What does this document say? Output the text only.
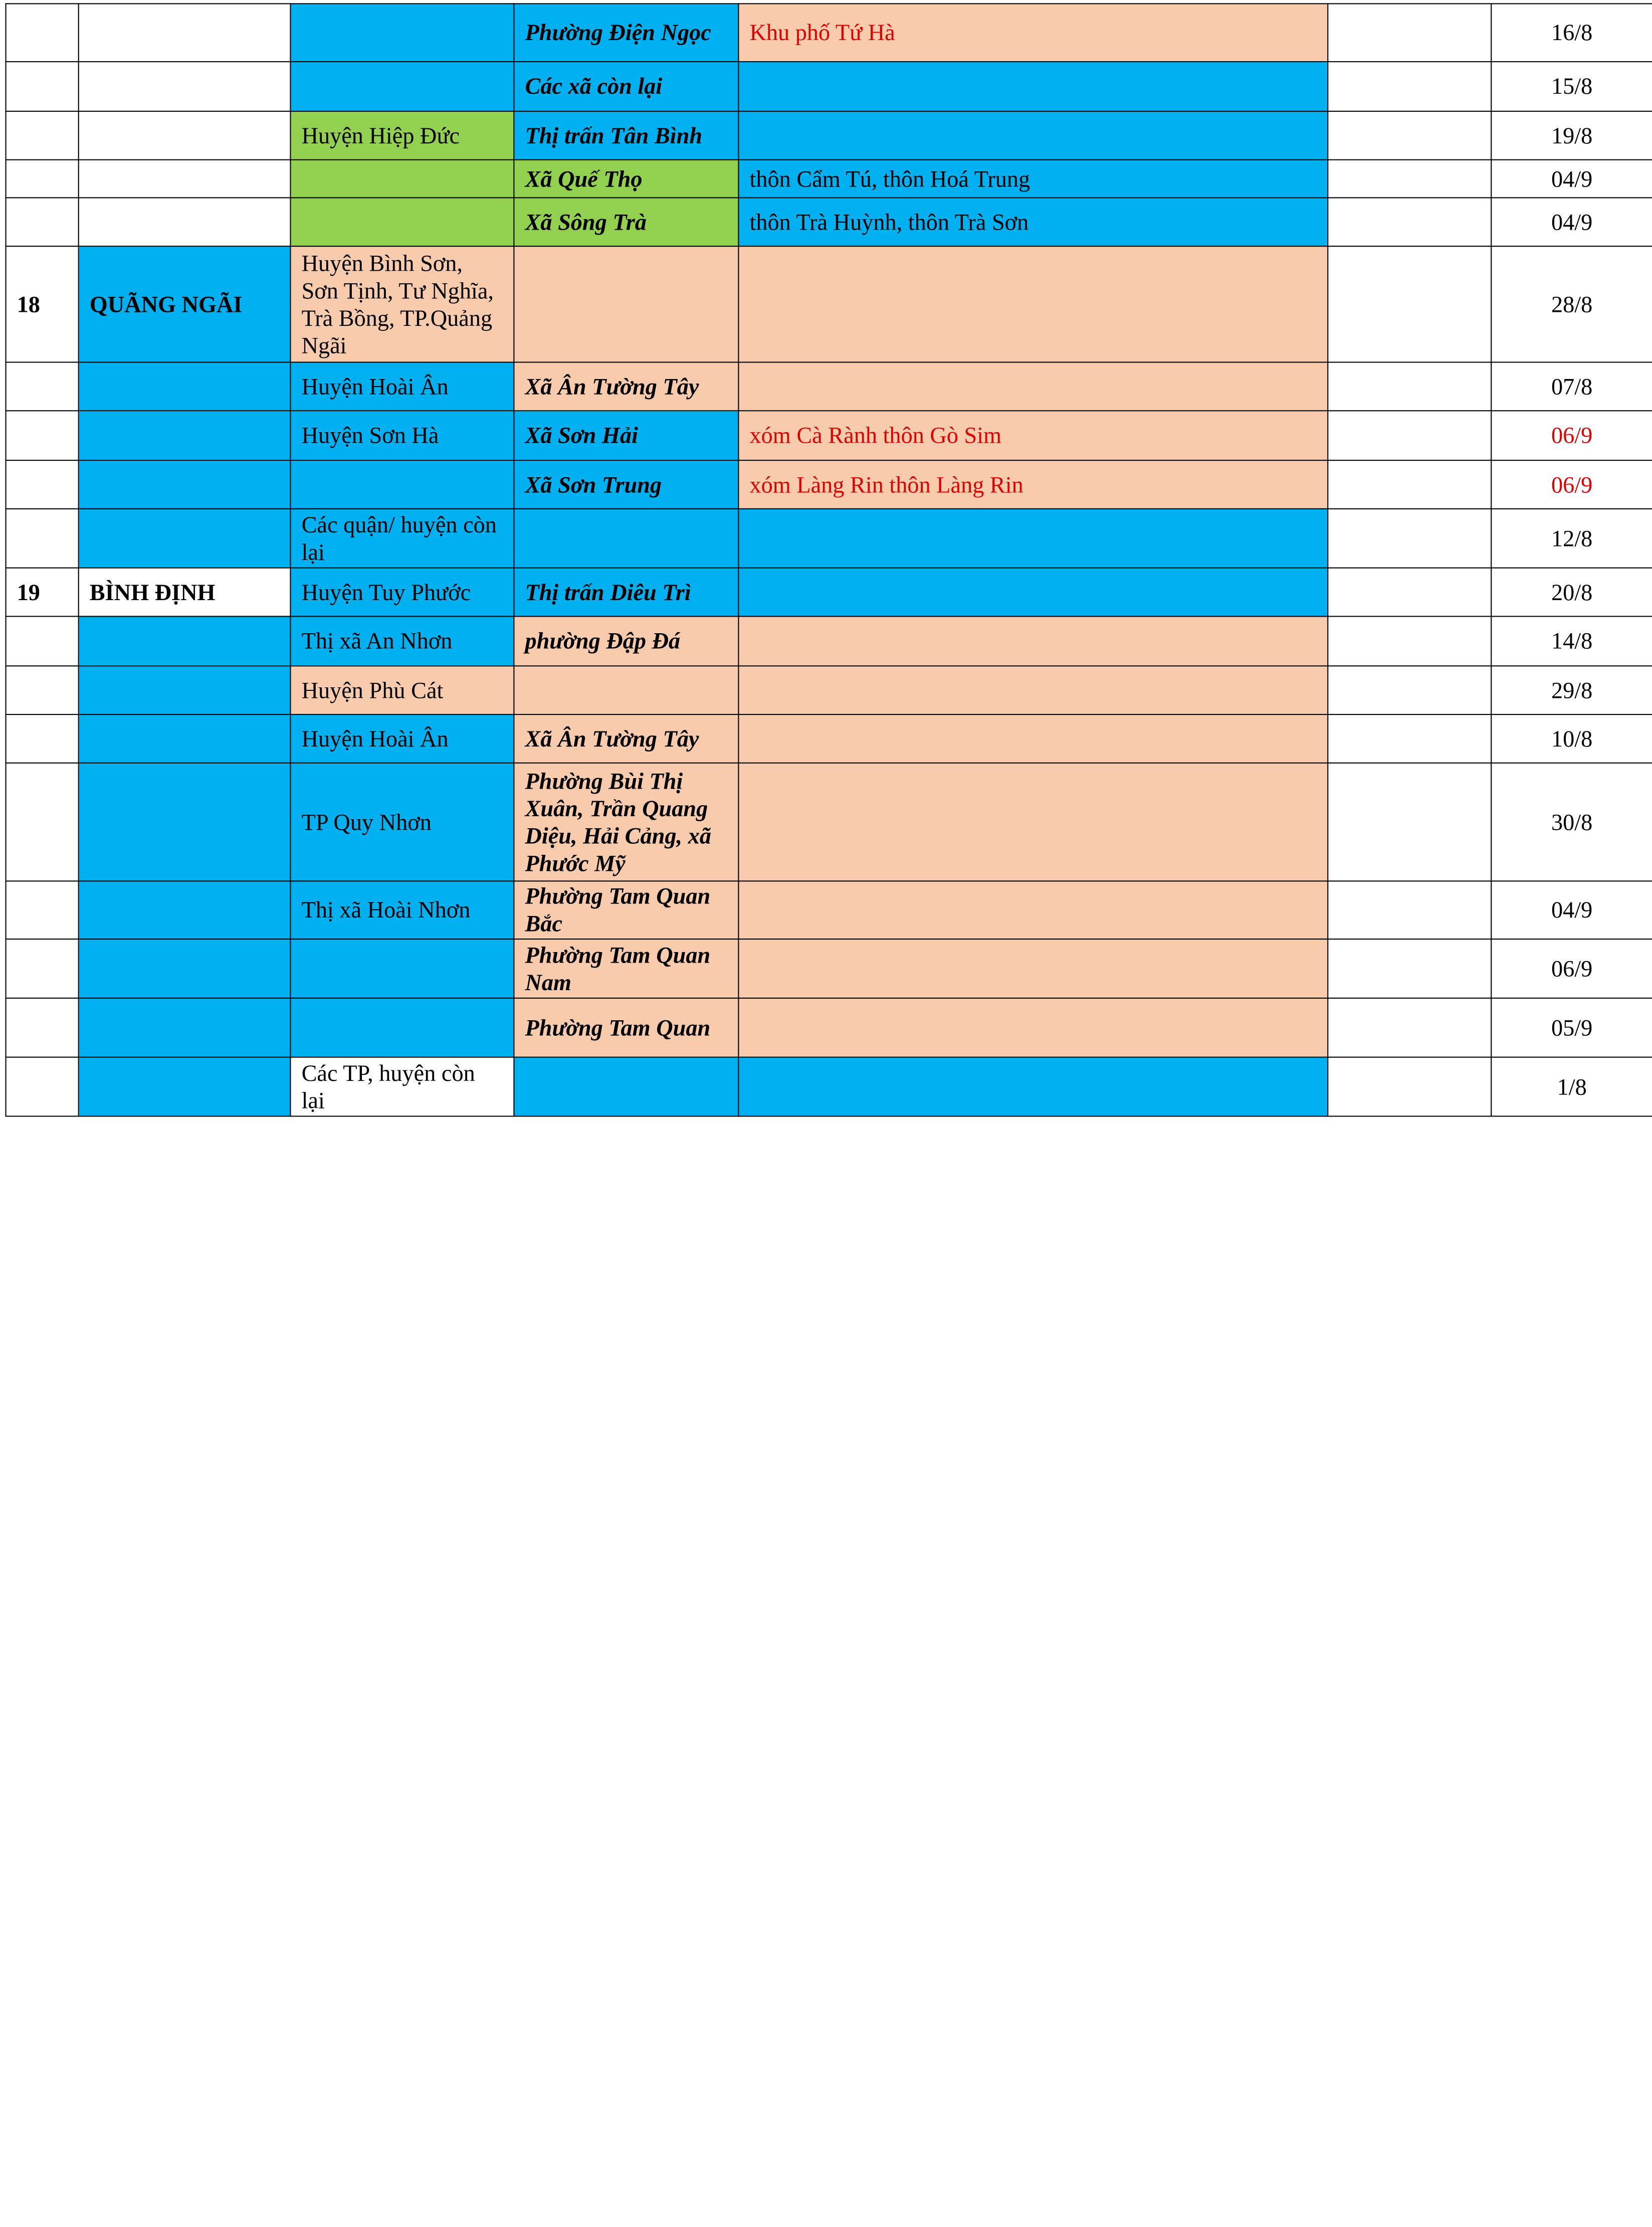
			Phường Điện Ngọc	Khu phố Tứ Hà		16/8
			Các xã còn lại			15/8
		Huyện Hiệp Đức	Thị trấn Tân Bình			19/8
			Xã Quế Thọ	thôn Cẩm Tú, thôn Hoá Trung		04/9
			Xã Sông Trà	thôn Trà Huỳnh, thôn Trà Sơn		04/9
18	QUÃNG NGÃI	Huyện Bình Sơn, Sơn Tịnh, Tư Nghĩa, Trà Bồng, TP.Quảng Ngãi				28/8
		Huyện Hoài Ân	Xã Ân Tường Tây			07/8
		Huyện Sơn Hà	Xã Sơn Hải	xóm Cà Rành thôn Gò Sim		06/9
			Xã Sơn Trung	xóm Làng Rin thôn Làng Rin		06/9
		Các quận/ huyện còn lại				12/8
19	BÌNH ĐỊNH	Huyện Tuy Phước	Thị trấn Diêu Trì			20/8
		Thị xã An Nhơn	phường Đập Đá			14/8
		Huyện Phù Cát				29/8
		Huyện Hoài Ân	Xã Ân Tường Tây			10/8
		TP Quy Nhơn	Phường Bùi Thị Xuân, Trần Quang Diệu, Hải Cảng, xã Phước Mỹ			30/8
		Thị xã Hoài Nhơn	Phường Tam Quan Bắc			04/9
			Phường Tam Quan Nam			06/9
			Phường Tam Quan			05/9
		Các TP, huyện còn lại				1/8
